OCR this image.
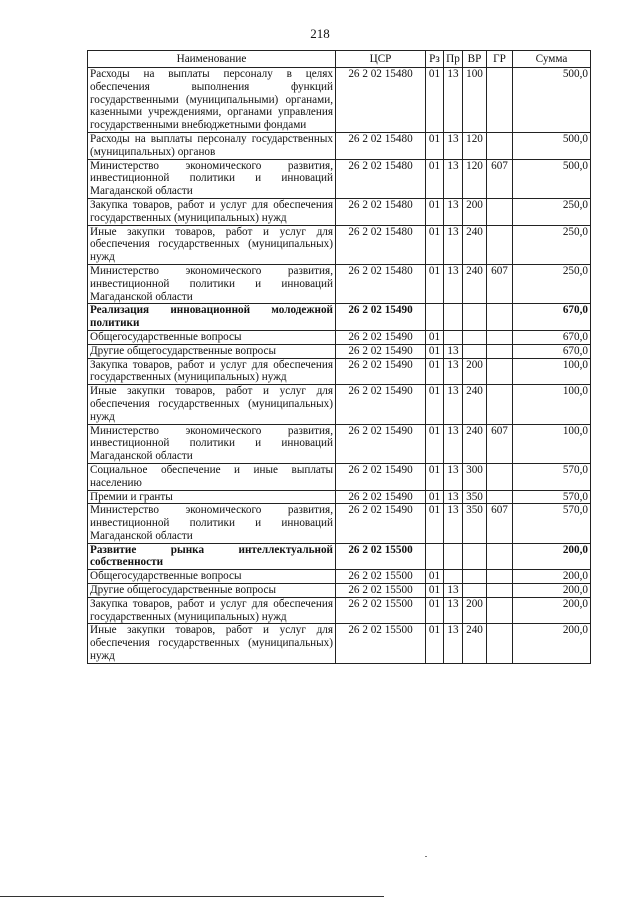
218
Наименование	ЦСР	Рз	Пр	ВР	ГР	Сумма
Расходы на выплаты персоналу в целях обеспечения выполнения функций государственными (муниципальными) органами, казенными учреждениями, органами управления государственными внебюджетными фондами	26 2 02 15480	01	13	100		500,0
Расходы на выплаты персоналу государственных (муниципальных) органов	26 2 02 15480	01	13	120		500,0
Министерство экономического развития, инвестиционной политики и инноваций Магаданской области	26 2 02 15480	01	13	120	607	500,0
Закупка товаров, работ и услуг для обеспечения государственных (муниципальных) нужд	26 2 02 15480	01	13	200		250,0
Иные закупки товаров, работ и услуг для обеспечения государственных (муниципальных) нужд	26 2 02 15480	01	13	240		250,0
Министерство экономического развития, инвестиционной политики и инноваций Магаданской области	26 2 02 15480	01	13	240	607	250,0
Реализация инновационной молодежной политики	26 2 02 15490					670,0
Общегосударственные вопросы	26 2 02 15490	01				670,0
Другие общегосударственные вопросы	26 2 02 15490	01	13			670,0
Закупка товаров, работ и услуг для обеспечения государственных (муниципальных) нужд	26 2 02 15490	01	13	200		100,0
Иные закупки товаров, работ и услуг для обеспечения государственных (муниципальных) нужд	26 2 02 15490	01	13	240		100,0
Министерство экономического развития, инвестиционной политики и инноваций Магаданской области	26 2 02 15490	01	13	240	607	100,0
Социальное обеспечение и иные выплаты населению	26 2 02 15490	01	13	300		570,0
Премии и гранты	26 2 02 15490	01	13	350		570,0
Министерство экономического развития, инвестиционной политики и инноваций Магаданской области	26 2 02 15490	01	13	350	607	570,0
Развитие рынка интеллектуальной собственности	26 2 02 15500					200,0
Общегосударственные вопросы	26 2 02 15500	01				200,0
Другие общегосударственные вопросы	26 2 02 15500	01	13			200,0
Закупка товаров, работ и услуг для обеспечения государственных (муниципальных) нужд	26 2 02 15500	01	13	200		200,0
Иные закупки товаров, работ и услуг для обеспечения государственных (муниципальных) нужд	26 2 02 15500	01	13	240		200,0
